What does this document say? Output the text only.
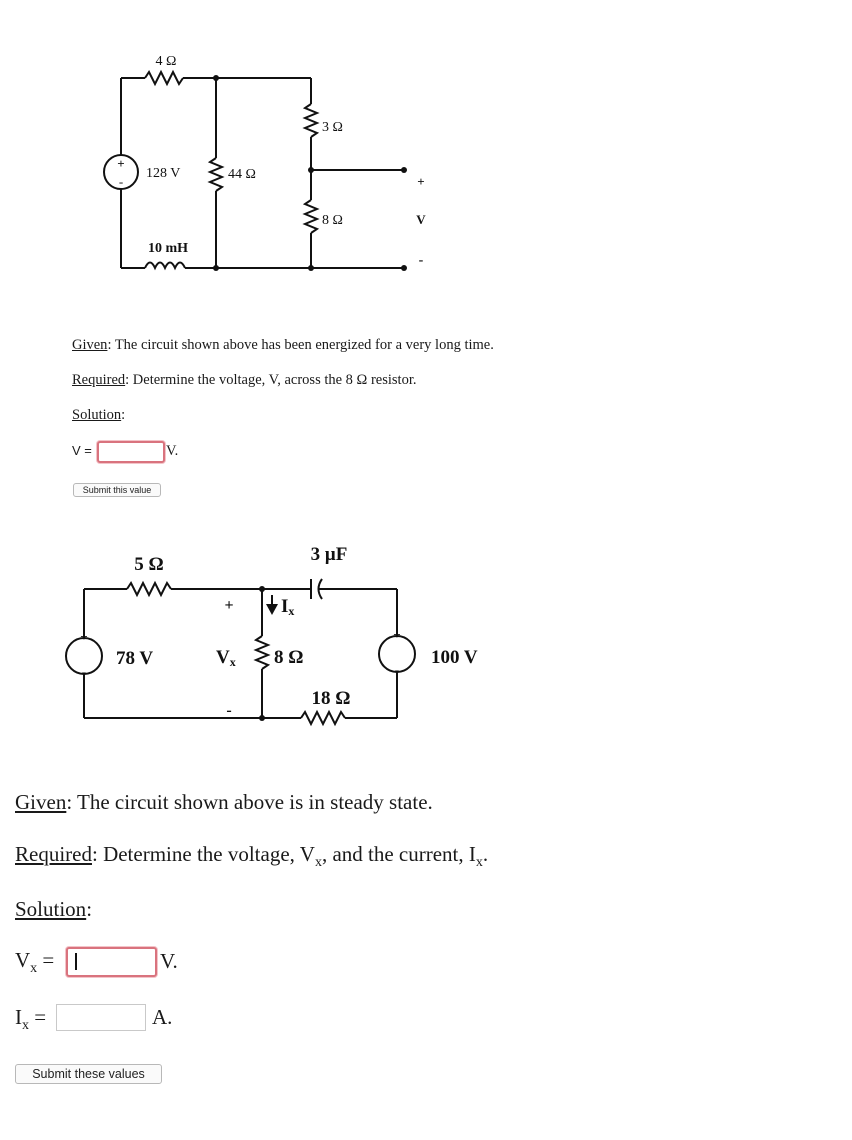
+
-
4 Ω
128 V	44 Ω
3 Ω
8 Ω
10 mH
+
V
-
Given: The circuit shown above has been energized for a very long time.
Required: Determine the voltage, V, across the 8 Ω resistor.
Solution:
V =	V.
Submit this value
+
-
+
-
5 Ω	3 μF
78 V
+
Vx
-
8 Ω
Ix
100 V
18 Ω
Given: The circuit shown above is in steady state.
Required: Determine the voltage, $V_x$, and the current, $I_x$.
Solution:
$V_x$ =	V.
$I_x$ =	A.
Submit these values
